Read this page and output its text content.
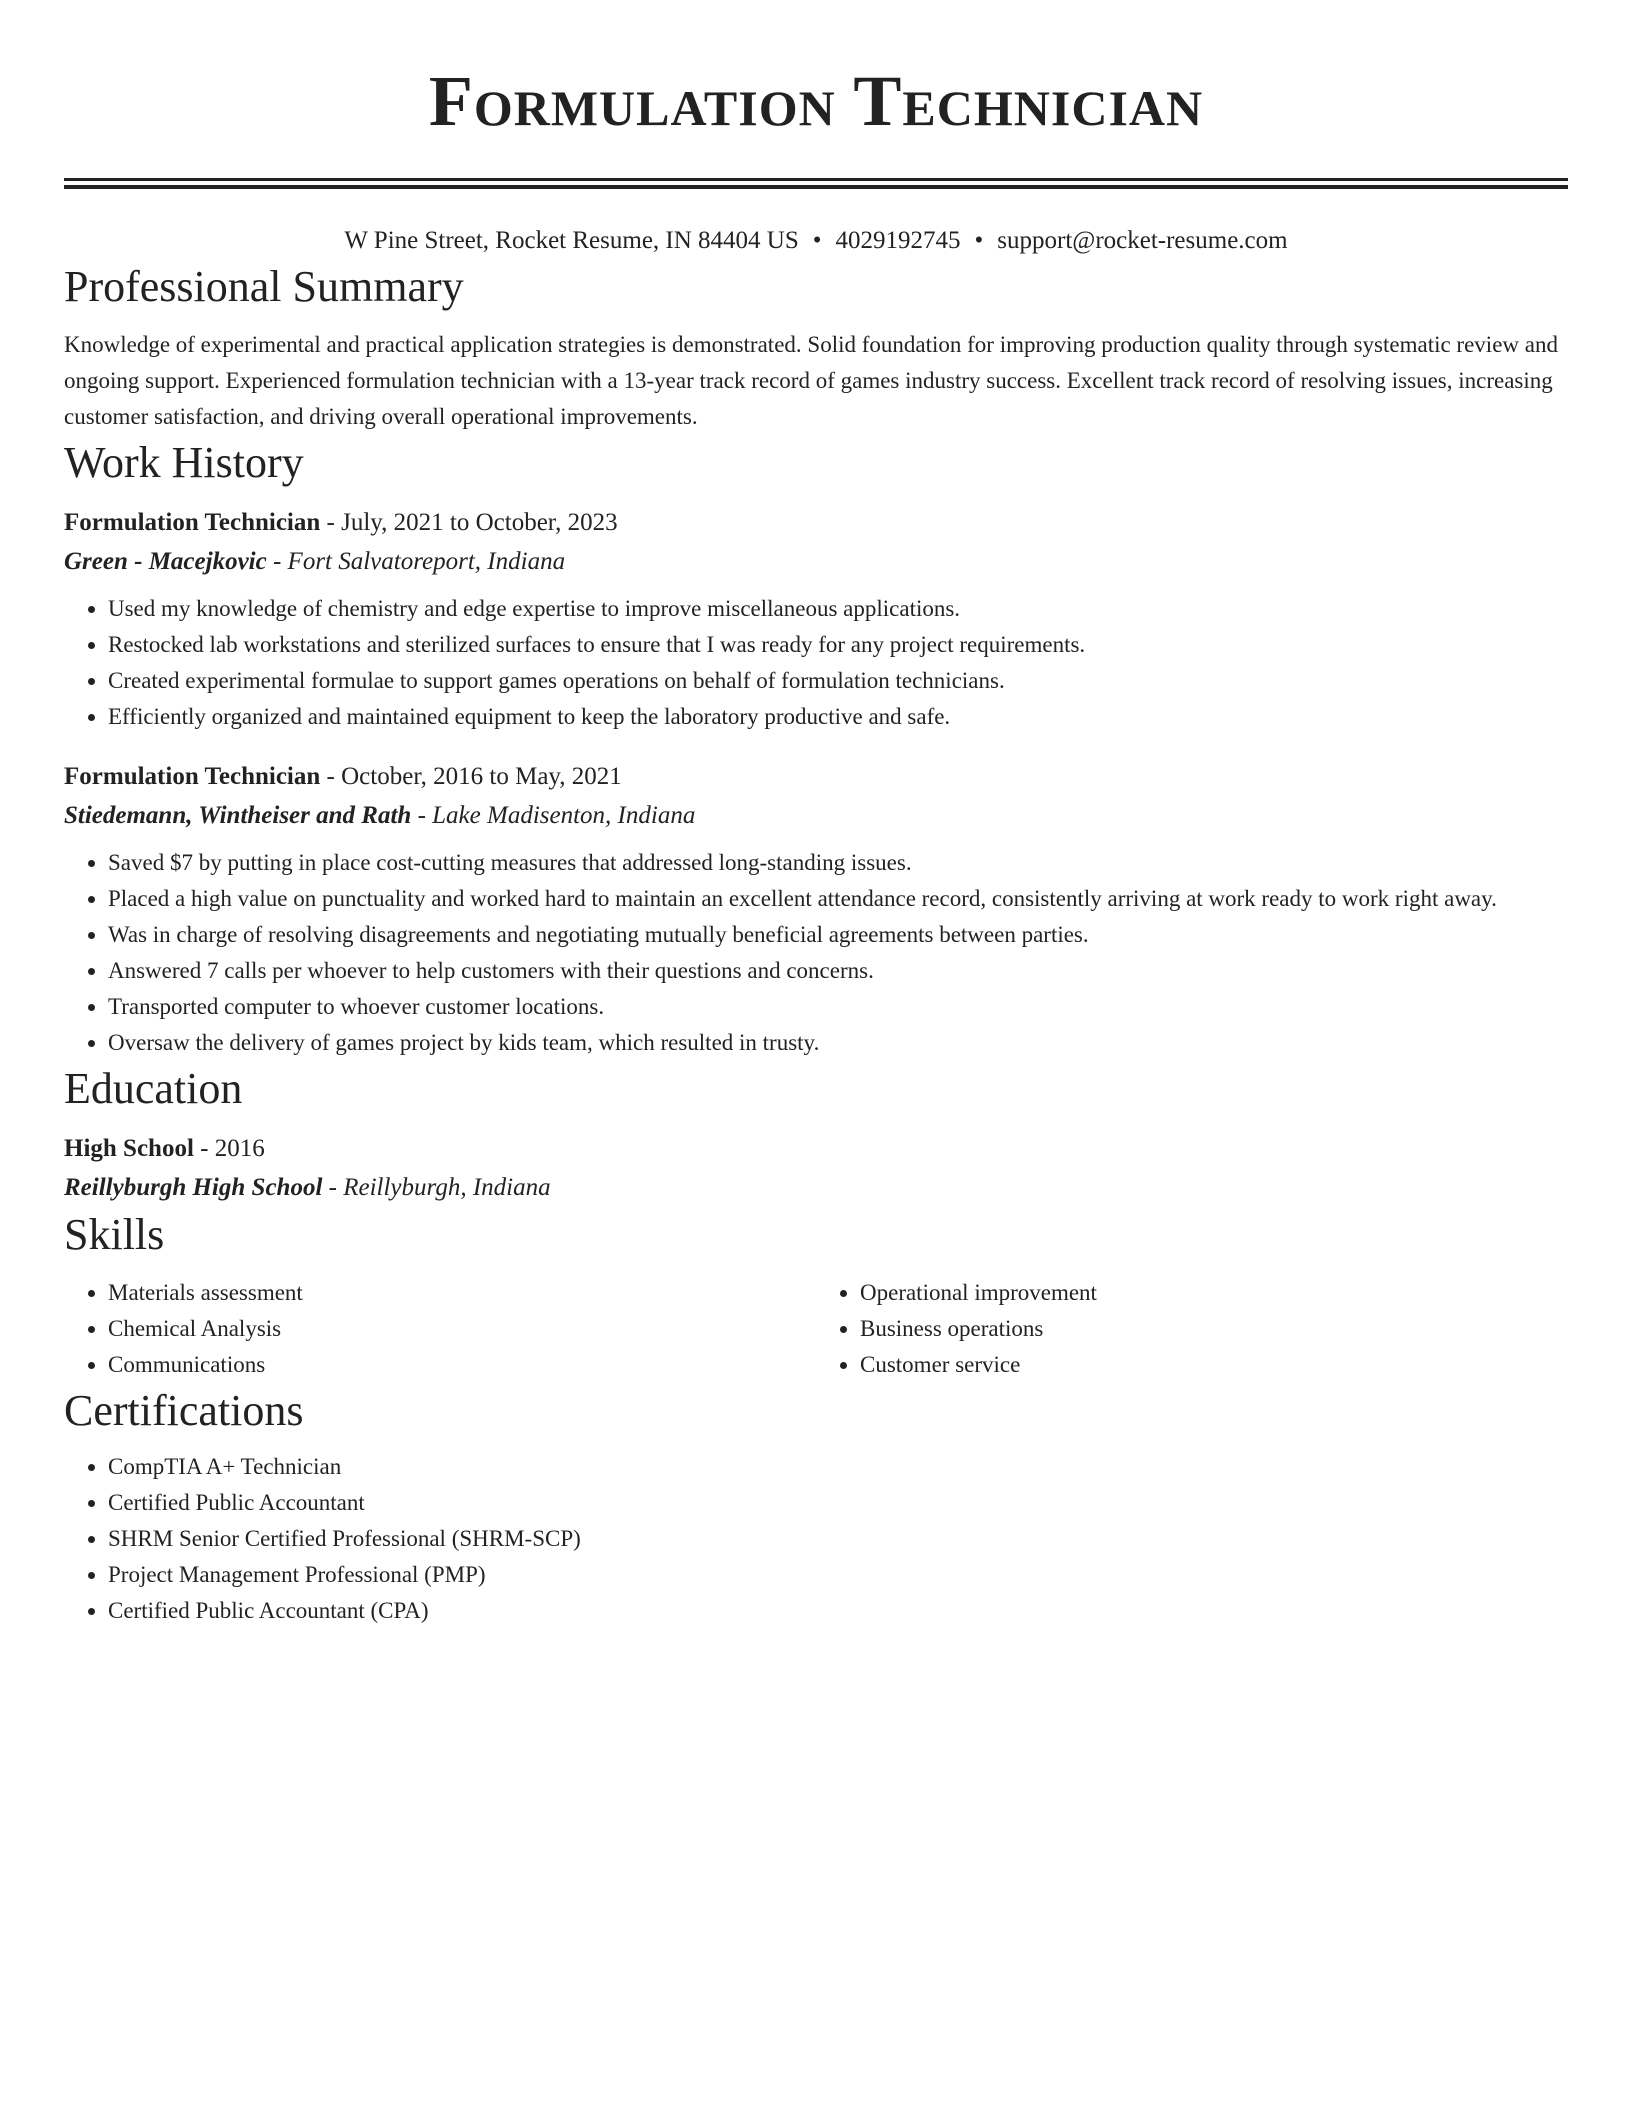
Formulation Technician
W Pine Street, Rocket Resume, IN 84404 US • 4029192745 • support@rocket-resume.com
Professional Summary
Knowledge of experimental and practical application strategies is demonstrated. Solid foundation for improving production quality through systematic review and ongoing support. Experienced formulation technician with a 13-year track record of games industry success. Excellent track record of resolving issues, increasing customer satisfaction, and driving overall operational improvements.
Work History
Formulation Technician - July, 2021 to October, 2023
Green - Macejkovic - Fort Salvatoreport, Indiana
• Used my knowledge of chemistry and edge expertise to improve miscellaneous applications.
• Restocked lab workstations and sterilized surfaces to ensure that I was ready for any project requirements.
• Created experimental formulae to support games operations on behalf of formulation technicians.
• Efficiently organized and maintained equipment to keep the laboratory productive and safe.
Formulation Technician - October, 2016 to May, 2021
Stiedemann, Wintheiser and Rath - Lake Madisenton, Indiana
• Saved $7 by putting in place cost-cutting measures that addressed long-standing issues.
• Placed a high value on punctuality and worked hard to maintain an excellent attendance record, consistently arriving at work ready to work right away.
• Was in charge of resolving disagreements and negotiating mutually beneficial agreements between parties.
• Answered 7 calls per whoever to help customers with their questions and concerns.
• Transported computer to whoever customer locations.
• Oversaw the delivery of games project by kids team, which resulted in trusty.
Education
High School - 2016
Reillyburgh High School - Reillyburgh, Indiana
Skills
• Materials assessment
• Chemical Analysis
• Communications
• Operational improvement
• Business operations
• Customer service
Certifications
• CompTIA A+ Technician
• Certified Public Accountant
• SHRM Senior Certified Professional (SHRM-SCP)
• Project Management Professional (PMP)
• Certified Public Accountant (CPA)
